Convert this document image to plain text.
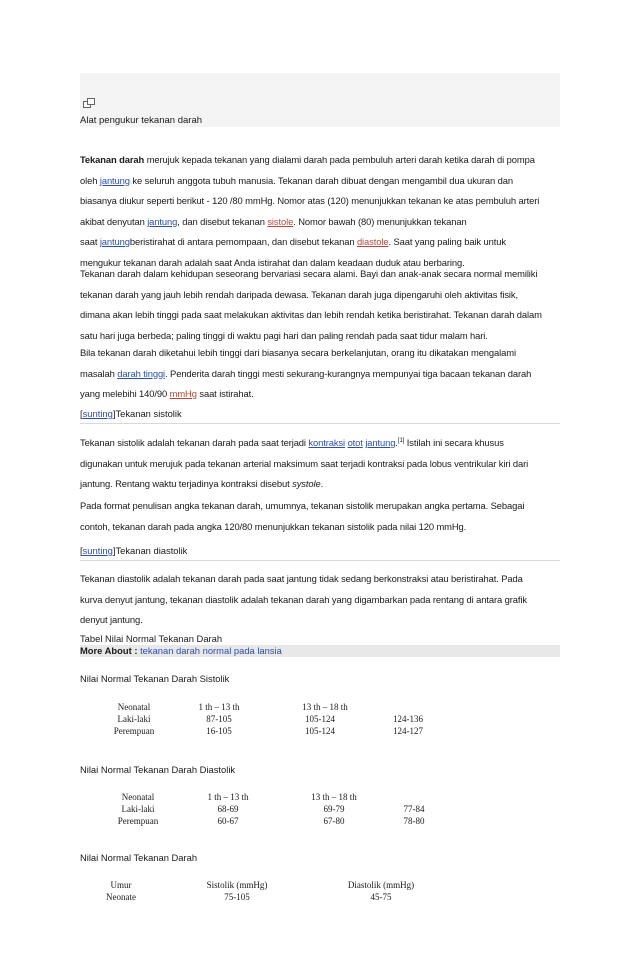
Alat pengukur tekanan darah
Tekanan darah merujuk kepada tekanan yang dialami darah pada pembuluh arteri darah ketika darah di pompa
oleh jantung ke seluruh anggota tubuh manusia. Tekanan darah dibuat dengan mengambil dua ukuran dan
biasanya diukur seperti berikut - 120 /80 mmHg. Nomor atas (120) menunjukkan tekanan ke atas pembuluh arteri
akibat denyutan jantung, dan disebut tekanan sistole. Nomor bawah (80) menunjukkan tekanan
saat jantungberistirahat di antara pemompaan, dan disebut tekanan diastole. Saat yang paling baik untuk
mengukur tekanan darah adalah saat Anda istirahat dan dalam keadaan duduk atau berbaring.
Tekanan darah dalam kehidupan seseorang bervariasi secara alami. Bayi dan anak-anak secara normal memiliki
tekanan darah yang jauh lebih rendah daripada dewasa. Tekanan darah juga dipengaruhi oleh aktivitas fisik,
dimana akan lebih tinggi pada saat melakukan aktivitas dan lebih rendah ketika beristirahat. Tekanan darah dalam
satu hari juga berbeda; paling tinggi di waktu pagi hari dan paling rendah pada saat tidur malam hari.
Bila tekanan darah diketahui lebih tinggi dari biasanya secara berkelanjutan, orang itu dikatakan mengalami
masalah darah tinggi. Penderita darah tinggi mesti sekurang-kurangnya mempunyai tiga bacaan tekanan darah
yang melebihi 140/90 mmHg saat istirahat.
[sunting]Tekanan sistolik
Tekanan sistolik adalah tekanan darah pada saat terjadi kontraksi otot jantung.[1] Istilah ini secara khusus
digunakan untuk merujuk pada tekanan arterial maksimum saat terjadi kontraksi pada lobus ventrikular kiri dari
jantung. Rentang waktu terjadinya kontraksi disebut systole.
Pada format penulisan angka tekanan darah, umumnya, tekanan sistolik merupakan angka pertama. Sebagai
contoh, tekanan darah pada angka 120/80 menunjukkan tekanan sistolik pada nilai 120 mmHg.
[sunting]Tekanan diastolik
Tekanan diastolik adalah tekanan darah pada saat jantung tidak sedang berkonstraksi atau beristirahat. Pada
kurva denyut jantung, tekanan diastolik adalah tekanan darah yang digambarkan pada rentang di antara grafik
denyut jantung.
Tabel Nilai Normal Tekanan Darah
More About : tekanan darah normal pada lansia
Nilai Normal Tekanan Darah Sistolik
Neonatal	1 th – 13 th	13 th – 18 th
Laki-laki	87-105	105-124	124-136
Perempuan	16-105	105-124	124-127
Nilai Normal Tekanan Darah Diastolik
Neonatal	1 th – 13 th	13 th – 18 th
Laki-laki	68-69	69-79	77-84
Perempuan	60-67	67-80	78-80
Nilai Normal Tekanan Darah
Umur	Sistolik (mmHg)	Diastolik (mmHg)
Neonate	75-105	45-75
